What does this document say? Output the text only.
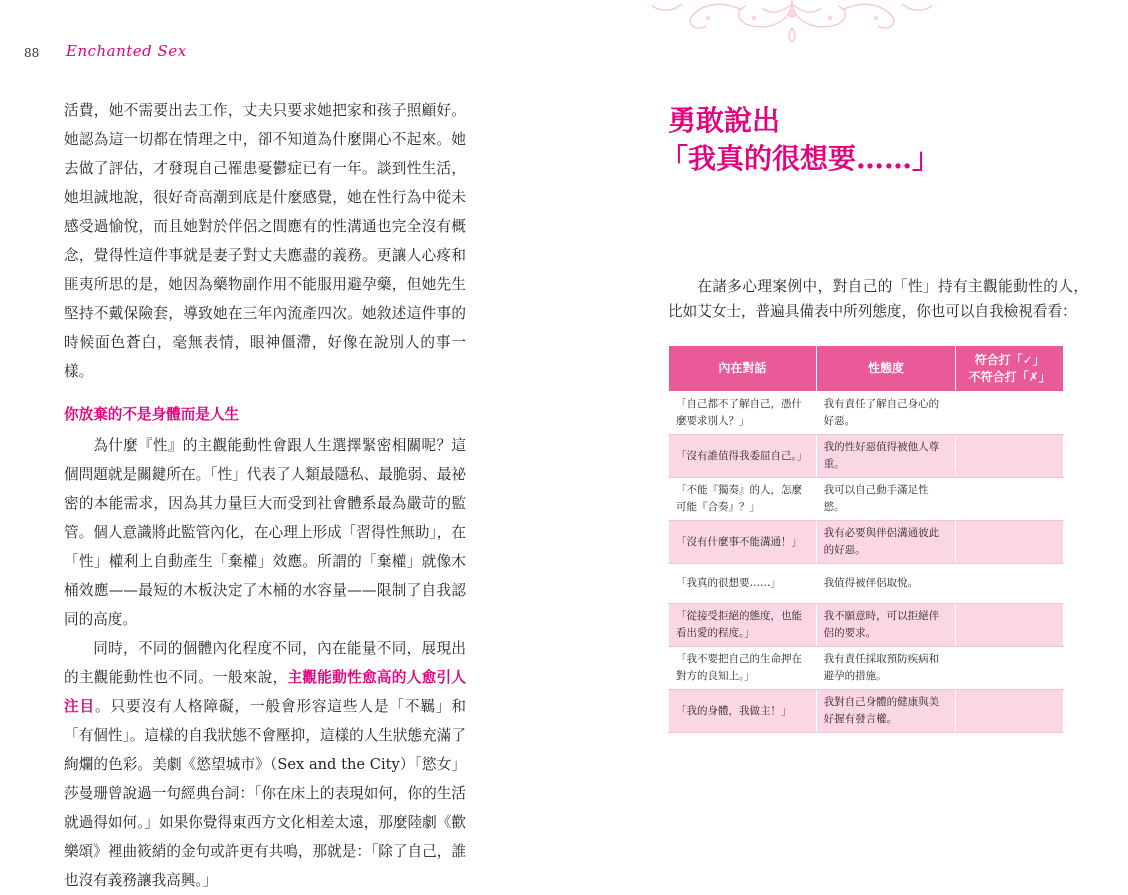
88 Enchanted Sex

活費，她不需要出去工作，丈夫只要求她把家和孩子照顧好。她認為這一切都在情理之中，卻不知道為什麼開心不起來。她去做了評估，才發現自己罹患憂鬱症已有一年。談到性生活，她坦誠地說，很好奇高潮到底是什麼感覺，她在性行為中從未感受過愉悅，而且她對於伴侶之間應有的性溝通也完全沒有概念，覺得性這件事就是妻子對丈夫應盡的義務。更讓人心疼和匪夷所思的是，她因為藥物副作用不能服用避孕藥，但她先生堅持不戴保險套，導致她在三年內流產四次。她敘述這件事的時候面色蒼白，毫無表情，眼神僵滯，好像在說別人的事一樣。

你放棄的不是身體而是人生

為什麼『性』的主觀能動性會跟人生選擇緊密相關呢？這個問題就是關鍵所在。「性」代表了人類最隱私、最脆弱、最祕密的本能需求，因為其力量巨大而受到社會體系最為嚴苛的監管。個人意識將此監管內化，在心理上形成「習得性無助」，在「性」權利上自動產生「棄權」效應。所謂的「棄權」就像木桶效應——最短的木板決定了木桶的水容量——限制了自我認同的高度。

同時，不同的個體內化程度不同，內在能量不同，展現出的主觀能動性也不同。一般來說，主觀能動性愈高的人愈引人注目。只要沒有人格障礙，一般會形容這些人是「不羈」和「有個性」。這樣的自我狀態不會壓抑，這樣的人生狀態充滿了絢爛的色彩。美劇《慾望城市》（Sex and the City）「慾女」莎曼珊曾說過一句經典台詞：「你在床上的表現如何，你的生活就過得如何。」如果你覺得東西方文化相差太遠，那麼陸劇《歡樂頌》裡曲筱綃的金句或許更有共鳴，那就是：「除了自己，誰也沒有義務讓我高興。」

勇敢說出
「我真的很想要……」

在諸多心理案例中，對自己的「性」持有主觀能動性的人，比如艾女士，普遍具備表中所列態度，你也可以自我檢視看看：

內在對話	性態度	符合打「✓」
不符合打「✗」
「自己都不了解自己，憑什麼要求別人？」	我有責任了解自己身心的好惡。	
「沒有誰值得我委屈自己。」	我的性好惡值得被他人尊重。	
「不能『獨奏』的人，怎麼可能『合奏』？」	我可以自己動手滿足性慾。	
「沒有什麼事不能溝通！」	我有必要與伴侶溝通彼此的好惡。	
「我真的很想要……」	我值得被伴侶取悅。	
「從接受拒絕的態度，也能看出愛的程度。」	我不願意時，可以拒絕伴侶的要求。	
「我不要把自己的生命押在對方的良知上。」	我有責任採取預防疾病和避孕的措施。	
「我的身體，我做主！」	我對自己身體的健康與美好握有發言權。	
